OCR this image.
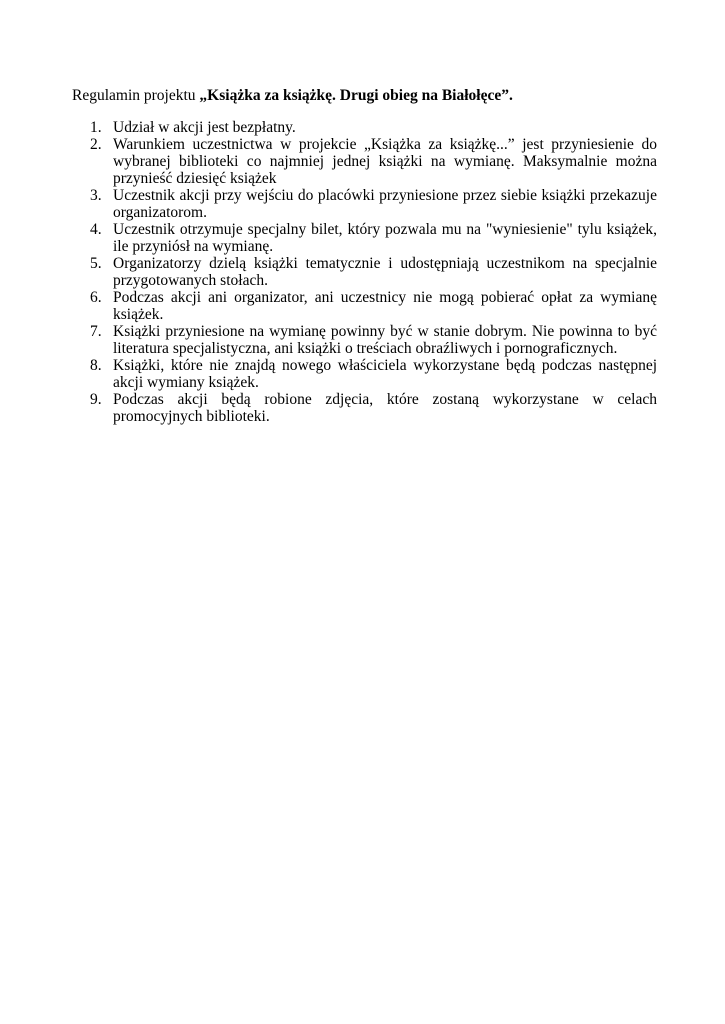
Regulamin projektu „Książka za książkę. Drugi obieg na Białołęce”.
1. Udział w akcji jest bezpłatny.
2. Warunkiem uczestnictwa w projekcie „Książka za książkę...” jest przyniesienie do wybranej biblioteki co najmniej jednej książki na wymianę. Maksymalnie można przynieść dziesięć książek
3. Uczestnik akcji przy wejściu do placówki przyniesione przez siebie książki przekazuje organizatorom.
4. Uczestnik otrzymuje specjalny bilet, który pozwala mu na "wyniesienie" tylu książek, ile przyniósł na wymianę.
5. Organizatorzy dzielą książki tematycznie i udostępniają uczestnikom na specjalnie przygotowanych stołach.
6. Podczas akcji ani organizator, ani uczestnicy nie mogą pobierać opłat za wymianę książek.
7. Książki przyniesione na wymianę powinny być w stanie dobrym. Nie powinna to być literatura specjalistyczna, ani książki o treściach obraźliwych i pornograficznych.
8. Książki, które nie znajdą nowego właściciela wykorzystane będą podczas następnej akcji wymiany książek.
9. Podczas akcji będą robione zdjęcia, które zostaną wykorzystane w celach promocyjnych biblioteki.
